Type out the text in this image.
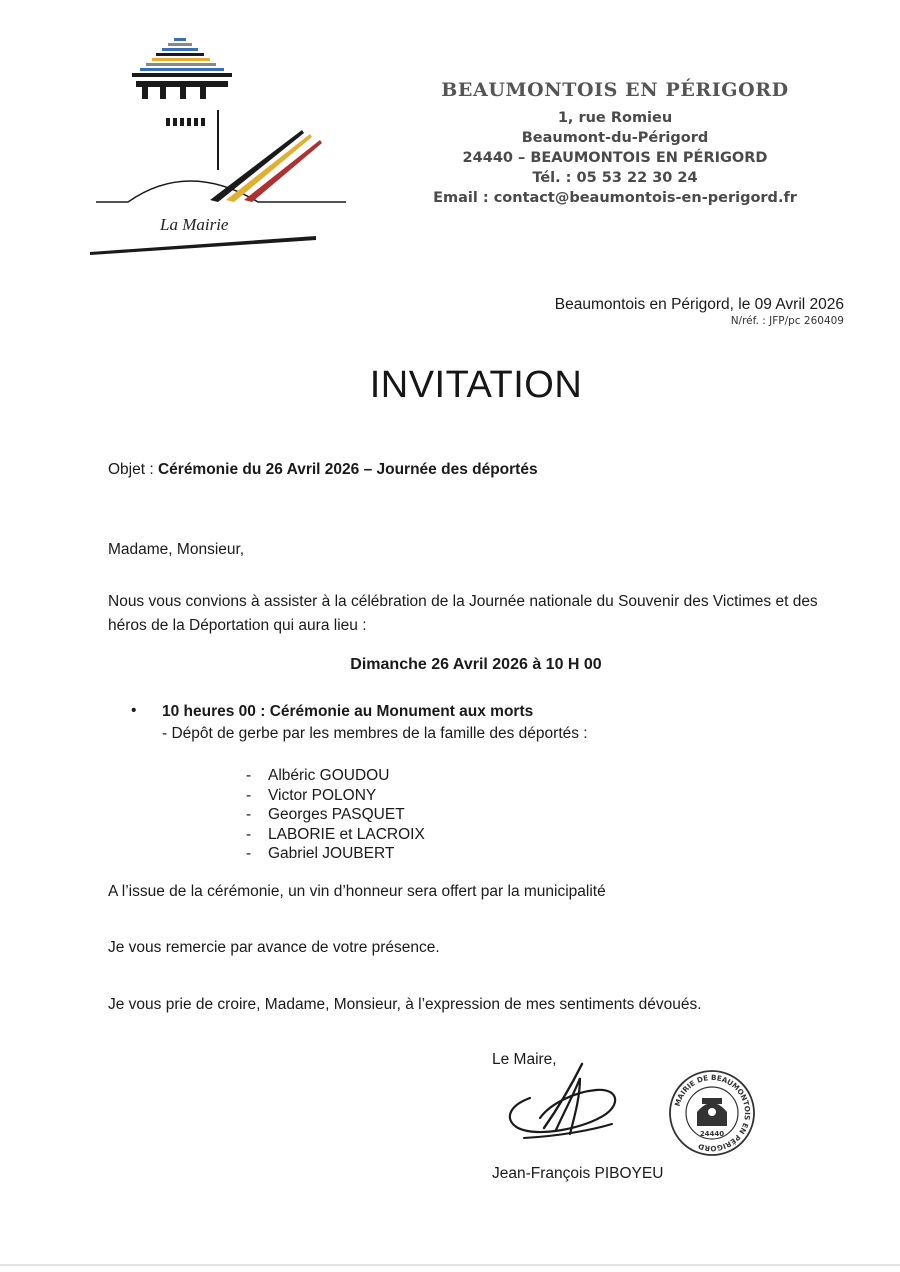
La Mairie
BEAUMONTOIS EN PÉRIGORD
1, rue Romieu
Beaumont-du-Périgord
24440 – BEAUMONTOIS EN PÉRIGORD
Tél. : 05 53 22 30 24
Email : contact@beaumontois-en-perigord.fr
Beaumontois en Périgord, le 09 Avril 2026
N/réf. : JFP/pc 260409
INVITATION
Objet : Cérémonie du 26 Avril 2026 – Journée des déportés
Madame, Monsieur,
Nous vous convions à assister à la célébration de la Journée nationale du Souvenir des Victimes et des héros de la Déportation qui aura lieu :
Dimanche 26 Avril 2026 à 10 H 00
• 10 heures 00 : Cérémonie au Monument aux morts
- Dépôt de gerbe par les membres de la famille des déportés :
- Albéric GOUDOU
- Victor POLONY
- Georges PASQUET
- LABORIE et LACROIX
- Gabriel JOUBERT
A l’issue de la cérémonie, un vin d’honneur sera offert par la municipalité
Je vous remercie par avance de votre présence.
Je vous prie de croire, Madame, Monsieur, à l’expression de mes sentiments dévoués.
Le Maire,
MAIRIE DE BEAUMONTOIS EN PÉRIGORD
24440
Jean-François PIBOYEU
